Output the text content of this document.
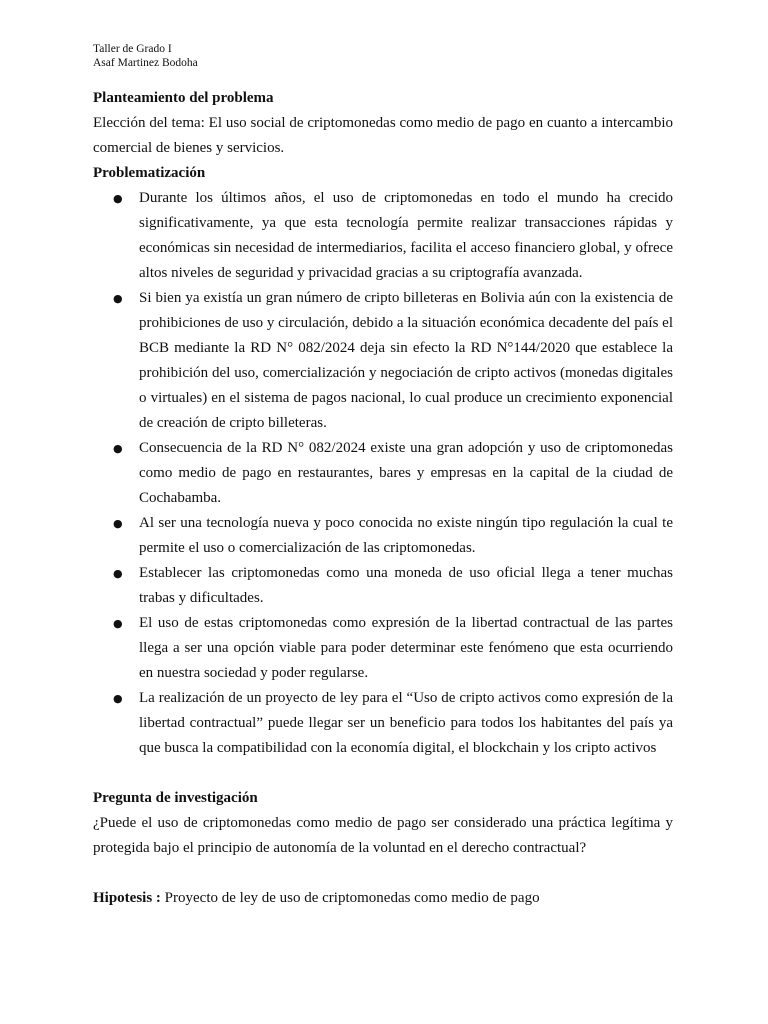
Taller de Grado I
Asaf Martinez Bodoha

Planteamiento del problema

Elección del tema: El uso social de criptomonedas como medio de pago en cuanto a intercambio comercial de bienes y servicios.

Problematización

● Durante los últimos años, el uso de criptomonedas en todo el mundo ha crecido significativamente, ya que esta tecnología permite realizar transacciones rápidas y económicas sin necesidad de intermediarios, facilita el acceso financiero global, y ofrece altos niveles de seguridad y privacidad gracias a su criptografía avanzada.
● Si bien ya existía un gran número de cripto billeteras en Bolivia aún con la existencia de prohibiciones de uso y circulación, debido a la situación económica decadente del país el BCB mediante la RD N° 082/2024 deja sin efecto la RD N°144/2020 que establece la prohibición del uso, comercialización y negociación de cripto activos (monedas digitales o virtuales) en el sistema de pagos nacional, lo cual produce un crecimiento exponencial de creación de cripto billeteras.
● Consecuencia de la RD N° 082/2024 existe una gran adopción y uso de criptomonedas como medio de pago en restaurantes, bares y empresas en la capital de la ciudad de Cochabamba.
● Al ser una tecnología nueva y poco conocida no existe ningún tipo regulación la cual te permite el uso o comercialización de las criptomonedas.
● Establecer las criptomonedas como una moneda de uso oficial llega a tener muchas trabas y dificultades.
● El uso de estas criptomonedas como expresión de la libertad contractual de las partes llega a ser una opción viable para poder determinar este fenómeno que esta ocurriendo en nuestra sociedad y poder regularse.
● La realización de un proyecto de ley para el “Uso de cripto activos como expresión de la libertad contractual” puede llegar ser un beneficio para todos los habitantes del país ya que busca la compatibilidad con la economía digital, el blockchain y los cripto activos

Pregunta de investigación

¿Puede el uso de criptomonedas como medio de pago ser considerado una práctica legítima y protegida bajo el principio de autonomía de la voluntad en el derecho contractual?

Hipotesis : Proyecto de ley de uso de criptomonedas como medio de pago
